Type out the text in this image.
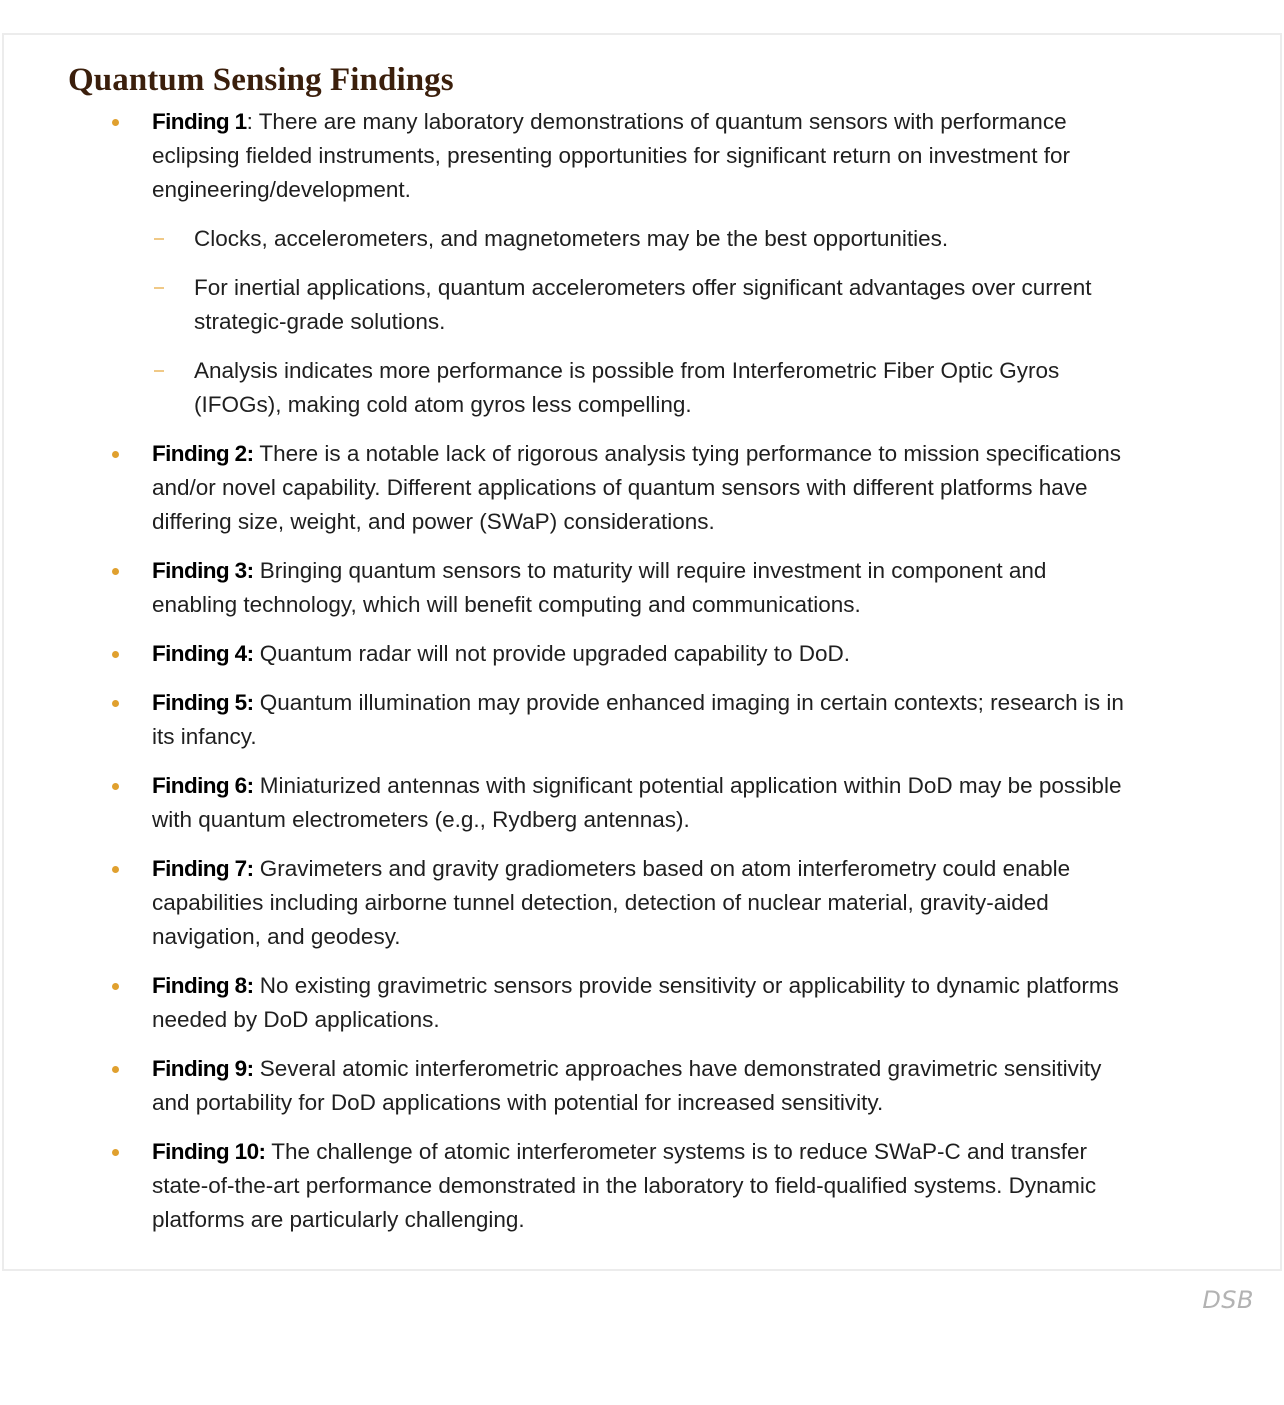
Quantum Sensing Findings
Finding 1: There are many laboratory demonstrations of quantum sensors with performance eclipsing fielded instruments, presenting opportunities for significant return on investment for engineering/development.
Clocks, accelerometers, and magnetometers may be the best opportunities.
For inertial applications, quantum accelerometers offer significant advantages over current strategic-grade solutions.
Analysis indicates more performance is possible from Interferometric Fiber Optic Gyros (IFOGs), making cold atom gyros less compelling.
Finding 2: There is a notable lack of rigorous analysis tying performance to mission specifications and/or novel capability. Different applications of quantum sensors with different platforms have differing size, weight, and power (SWaP) considerations.
Finding 3: Bringing quantum sensors to maturity will require investment in component and enabling technology, which will benefit computing and communications.
Finding 4: Quantum radar will not provide upgraded capability to DoD.
Finding 5: Quantum illumination may provide enhanced imaging in certain contexts; research is in its infancy.
Finding 6: Miniaturized antennas with significant potential application within DoD may be possible with quantum electrometers (e.g., Rydberg antennas).
Finding 7: Gravimeters and gravity gradiometers based on atom interferometry could enable capabilities including airborne tunnel detection, detection of nuclear material, gravity-aided navigation, and geodesy.
Finding 8: No existing gravimetric sensors provide sensitivity or applicability to dynamic platforms needed by DoD applications.
Finding 9: Several atomic interferometric approaches have demonstrated gravimetric sensitivity and portability for DoD applications with potential for increased sensitivity.
Finding 10: The challenge of atomic interferometer systems is to reduce SWaP-C and transfer state-of-the-art performance demonstrated in the laboratory to field-qualified systems. Dynamic platforms are particularly challenging.
DSB
